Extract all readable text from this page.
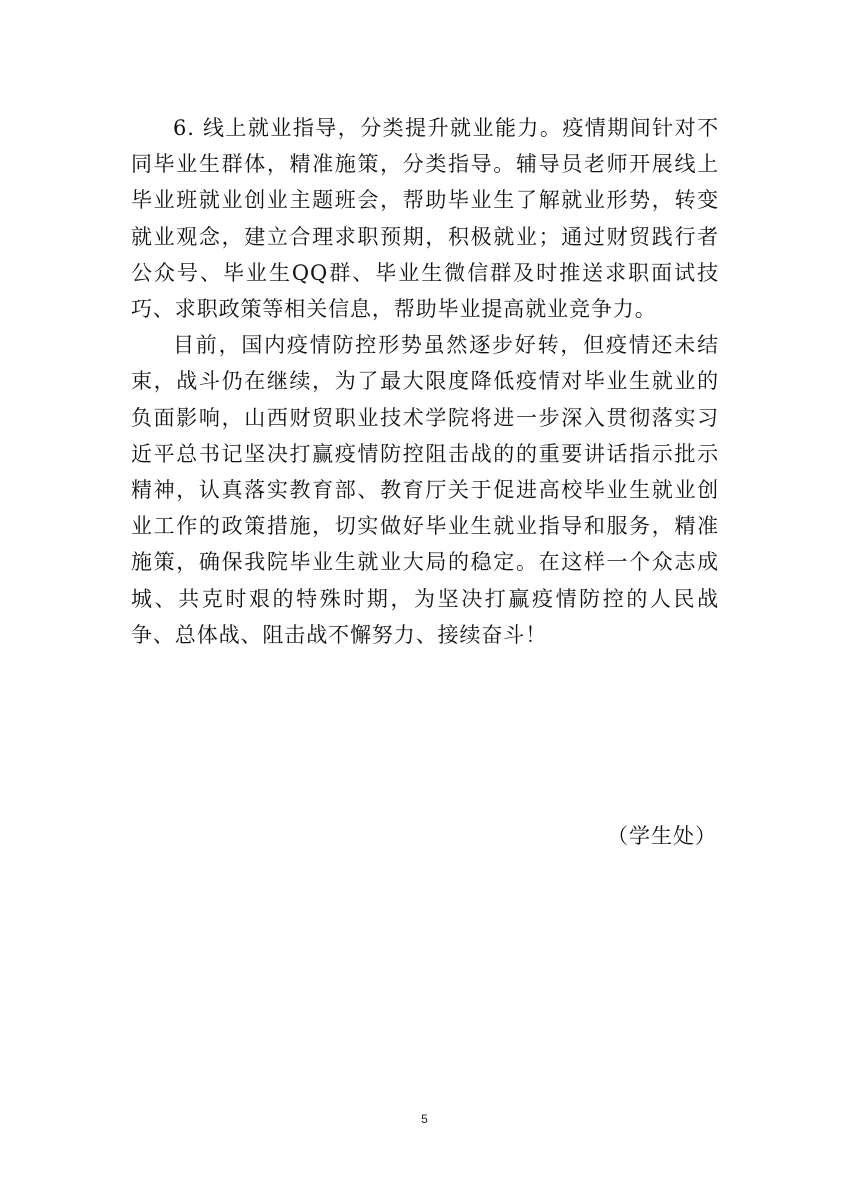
6. 线上就业指导，分类提升就业能力。疫情期间针对不同毕业生群体，精准施策，分类指导。辅导员老师开展线上毕业班就业创业主题班会，帮助毕业生了解就业形势，转变就业观念，建立合理求职预期，积极就业；通过财贸践行者公众号、毕业生QQ群、毕业生微信群及时推送求职面试技巧、求职政策等相关信息，帮助毕业提高就业竞争力。

目前，国内疫情防控形势虽然逐步好转，但疫情还未结束，战斗仍在继续，为了最大限度降低疫情对毕业生就业的负面影响，山西财贸职业技术学院将进一步深入贯彻落实习近平总书记坚决打赢疫情防控阻击战的的重要讲话指示批示精神，认真落实教育部、教育厅关于促进高校毕业生就业创业工作的政策措施，切实做好毕业生就业指导和服务，精准施策，确保我院毕业生就业大局的稳定。在这样一个众志成城、共克时艰的特殊时期，为坚决打赢疫情防控的人民战争、总体战、阻击战不懈努力、接续奋斗！

（学生处）
5
